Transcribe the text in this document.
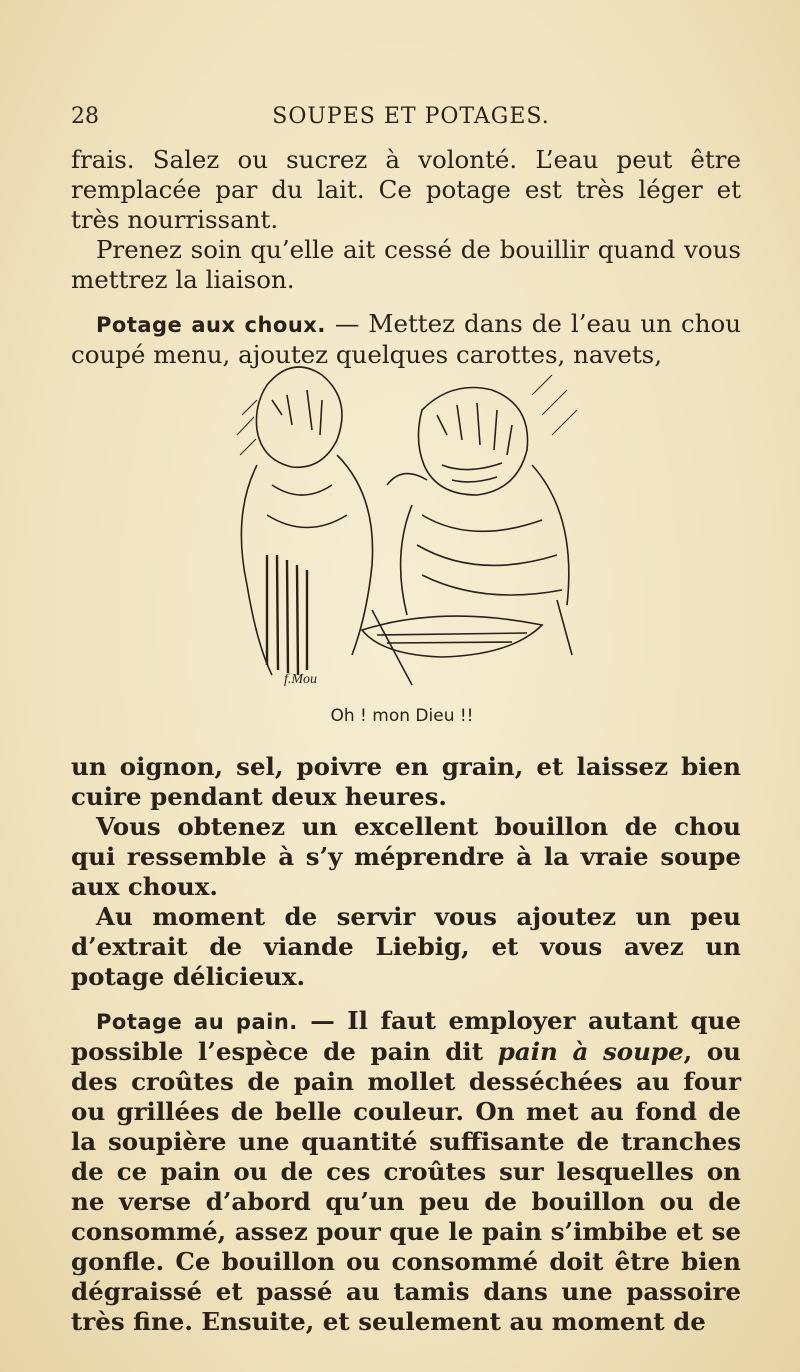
28	SOUPES ET POTAGES.

frais. Salez ou sucrez à volonté. L’eau peut être remplacée par du lait. Ce potage est très léger et très nourrissant.

Prenez soin qu’elle ait cessé de bouillir quand vous mettrez la liaison.

Potage aux choux. — Mettez dans de l’eau un chou coupé menu, ajoutez quelques carottes, navets,

f.Mou
Oh ! mon Dieu !!

un oignon, sel, poivre en grain, et laissez bien cuire pendant deux heures.

Vous obtenez un excellent bouillon de chou qui ressemble à s’y méprendre à la vraie soupe aux choux.

Au moment de servir vous ajoutez un peu d’extrait de viande Liebig, et vous avez un potage délicieux.

Potage au pain. — Il faut employer autant que possible l’espèce de pain dit pain à soupe, ou des croûtes de pain mollet desséchées au four ou grillées de belle couleur. On met au fond de la soupière une quantité suffisante de tranches de ce pain ou de ces croûtes sur lesquelles on ne verse d’abord qu’un peu de bouillon ou de consommé, assez pour que le pain s’imbibe et se gonfle. Ce bouillon ou consommé doit être bien dégraissé et passé au tamis dans une passoire très fine. Ensuite, et seulement au moment de
